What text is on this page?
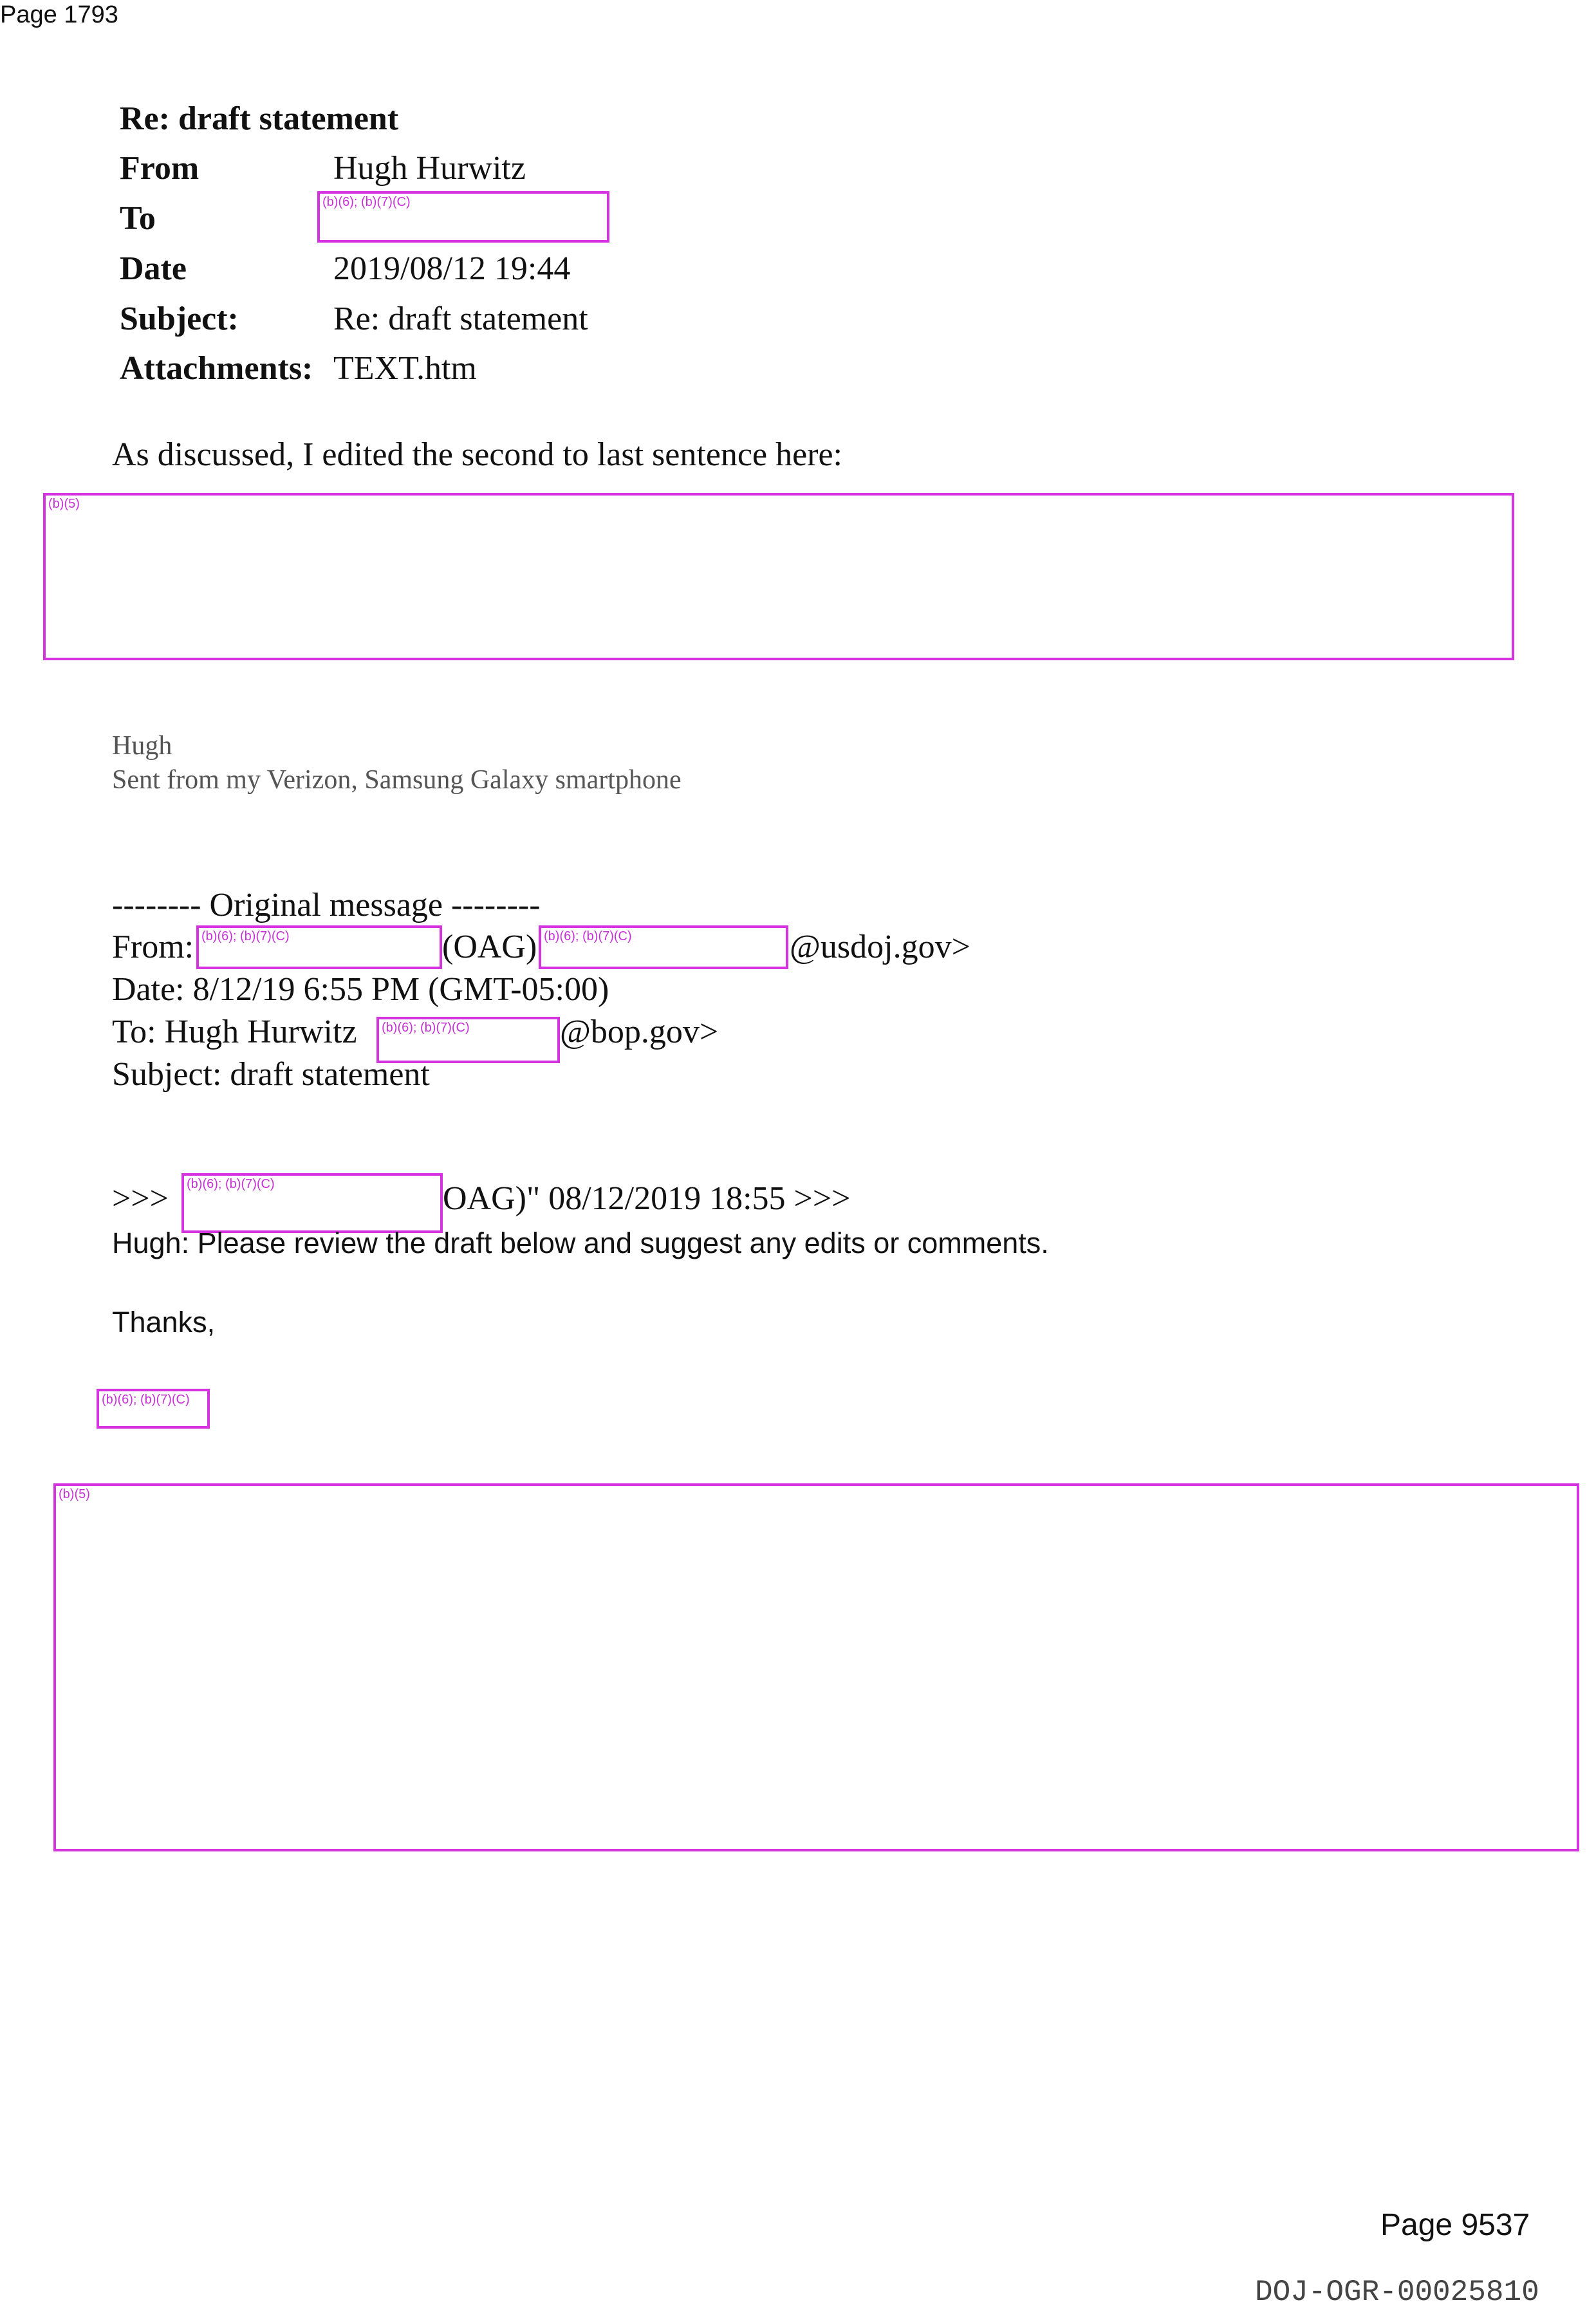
Page 1793
Re: draft statement
From	Hugh Hurwitz
To	(b)(6); (b)(7)(C)
Date	2019/08/12 19:44
Subject:	Re: draft statement
Attachments: TEXT.htm
As discussed, I edited the second to last sentence here:
(b)(5)
Hugh
Sent from my Verizon, Samsung Galaxy smartphone
-------- Original message --------
From: (b)(6); (b)(7)(C)	(OAG) (b)(6); (b)(7)(C)	@usdoj.gov>
Date: 8/12/19 6:55 PM (GMT-05:00)
To: Hugh Hurwitz (b)(6); (b)(7)(C)	@bop.gov>
Subject: draft statement
>>> (b)(6); (b)(7)(C)	OAG)" 08/12/2019 18:55 >>>
Hugh: Please review the draft below and suggest any edits or comments.
Thanks,
(b)(6); (b)(7)(C)
(b)(5)
Page 9537
DOJ-OGR-00025810
